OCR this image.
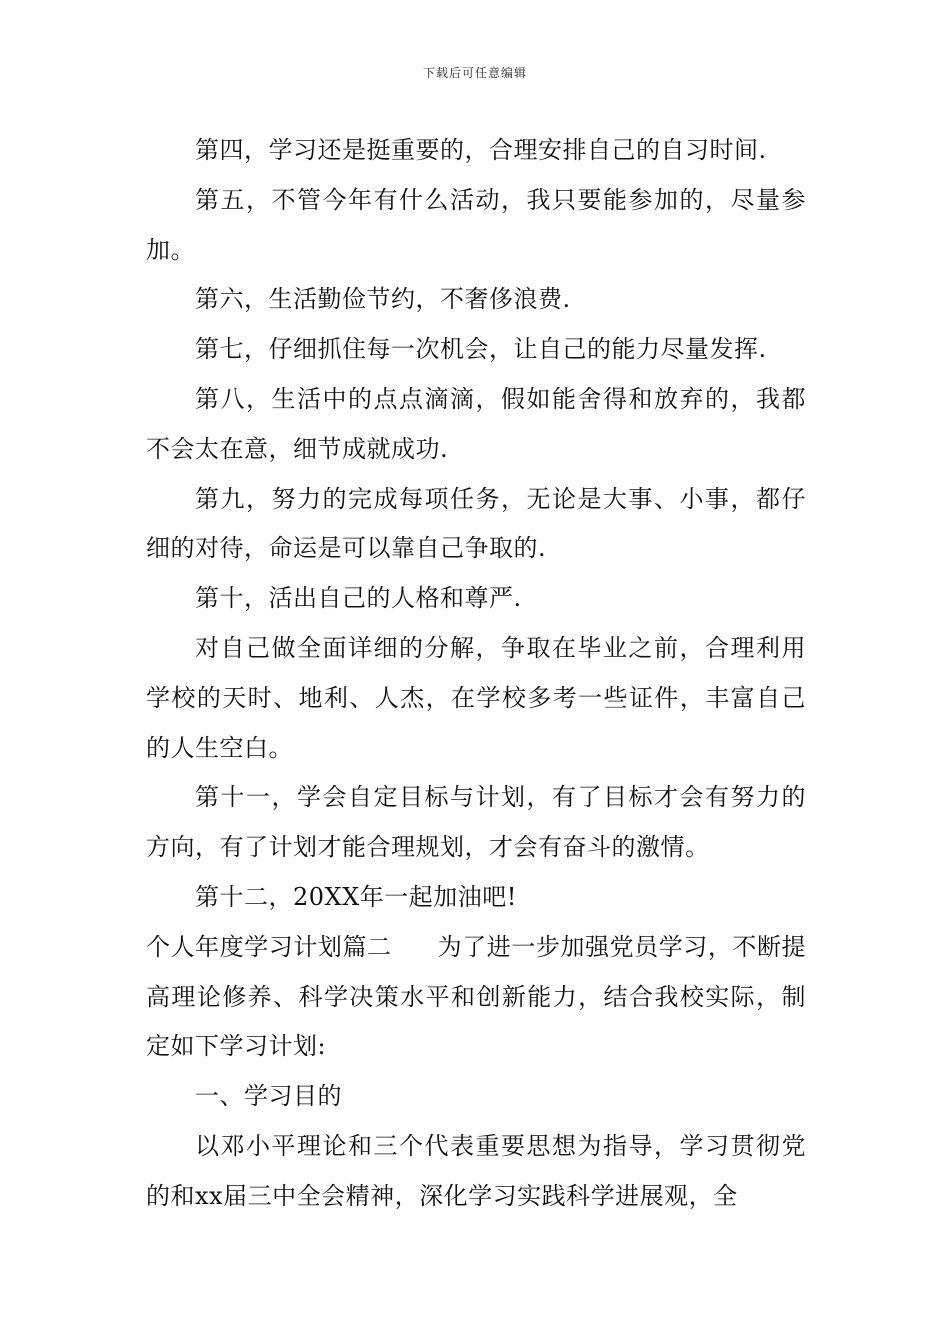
下载后可任意编辑

第四，学习还是挺重要的，合理安排自己的自习时间.

第五，不管今年有什么活动，我只要能参加的，尽量参加。

第六，生活勤俭节约，不奢侈浪费.

第七，仔细抓住每一次机会，让自己的能力尽量发挥.

第八，生活中的点点滴滴，假如能舍得和放弃的，我都不会太在意，细节成就成功.

第九，努力的完成每项任务，无论是大事、小事，都仔细的对待，命运是可以靠自己争取的.

第十，活出自己的人格和尊严.

对自己做全面详细的分解，争取在毕业之前，合理利用学校的天时、地利、人杰，在学校多考一些证件，丰富自己的人生空白。

第十一，学会自定目标与计划，有了目标才会有努力的方向，有了计划才能合理规划，才会有奋斗的激情。

第十二，20XX年一起加油吧!

个人年度学习计划篇二 为了进一步加强党员学习，不断提高理论修养、科学决策水平和创新能力，结合我校实际，制定如下学习计划:

一、学习目的

以邓小平理论和三个代表重要思想为指导，学习贯彻党的和xx届三中全会精神，深化学习实践科学进展观，全
